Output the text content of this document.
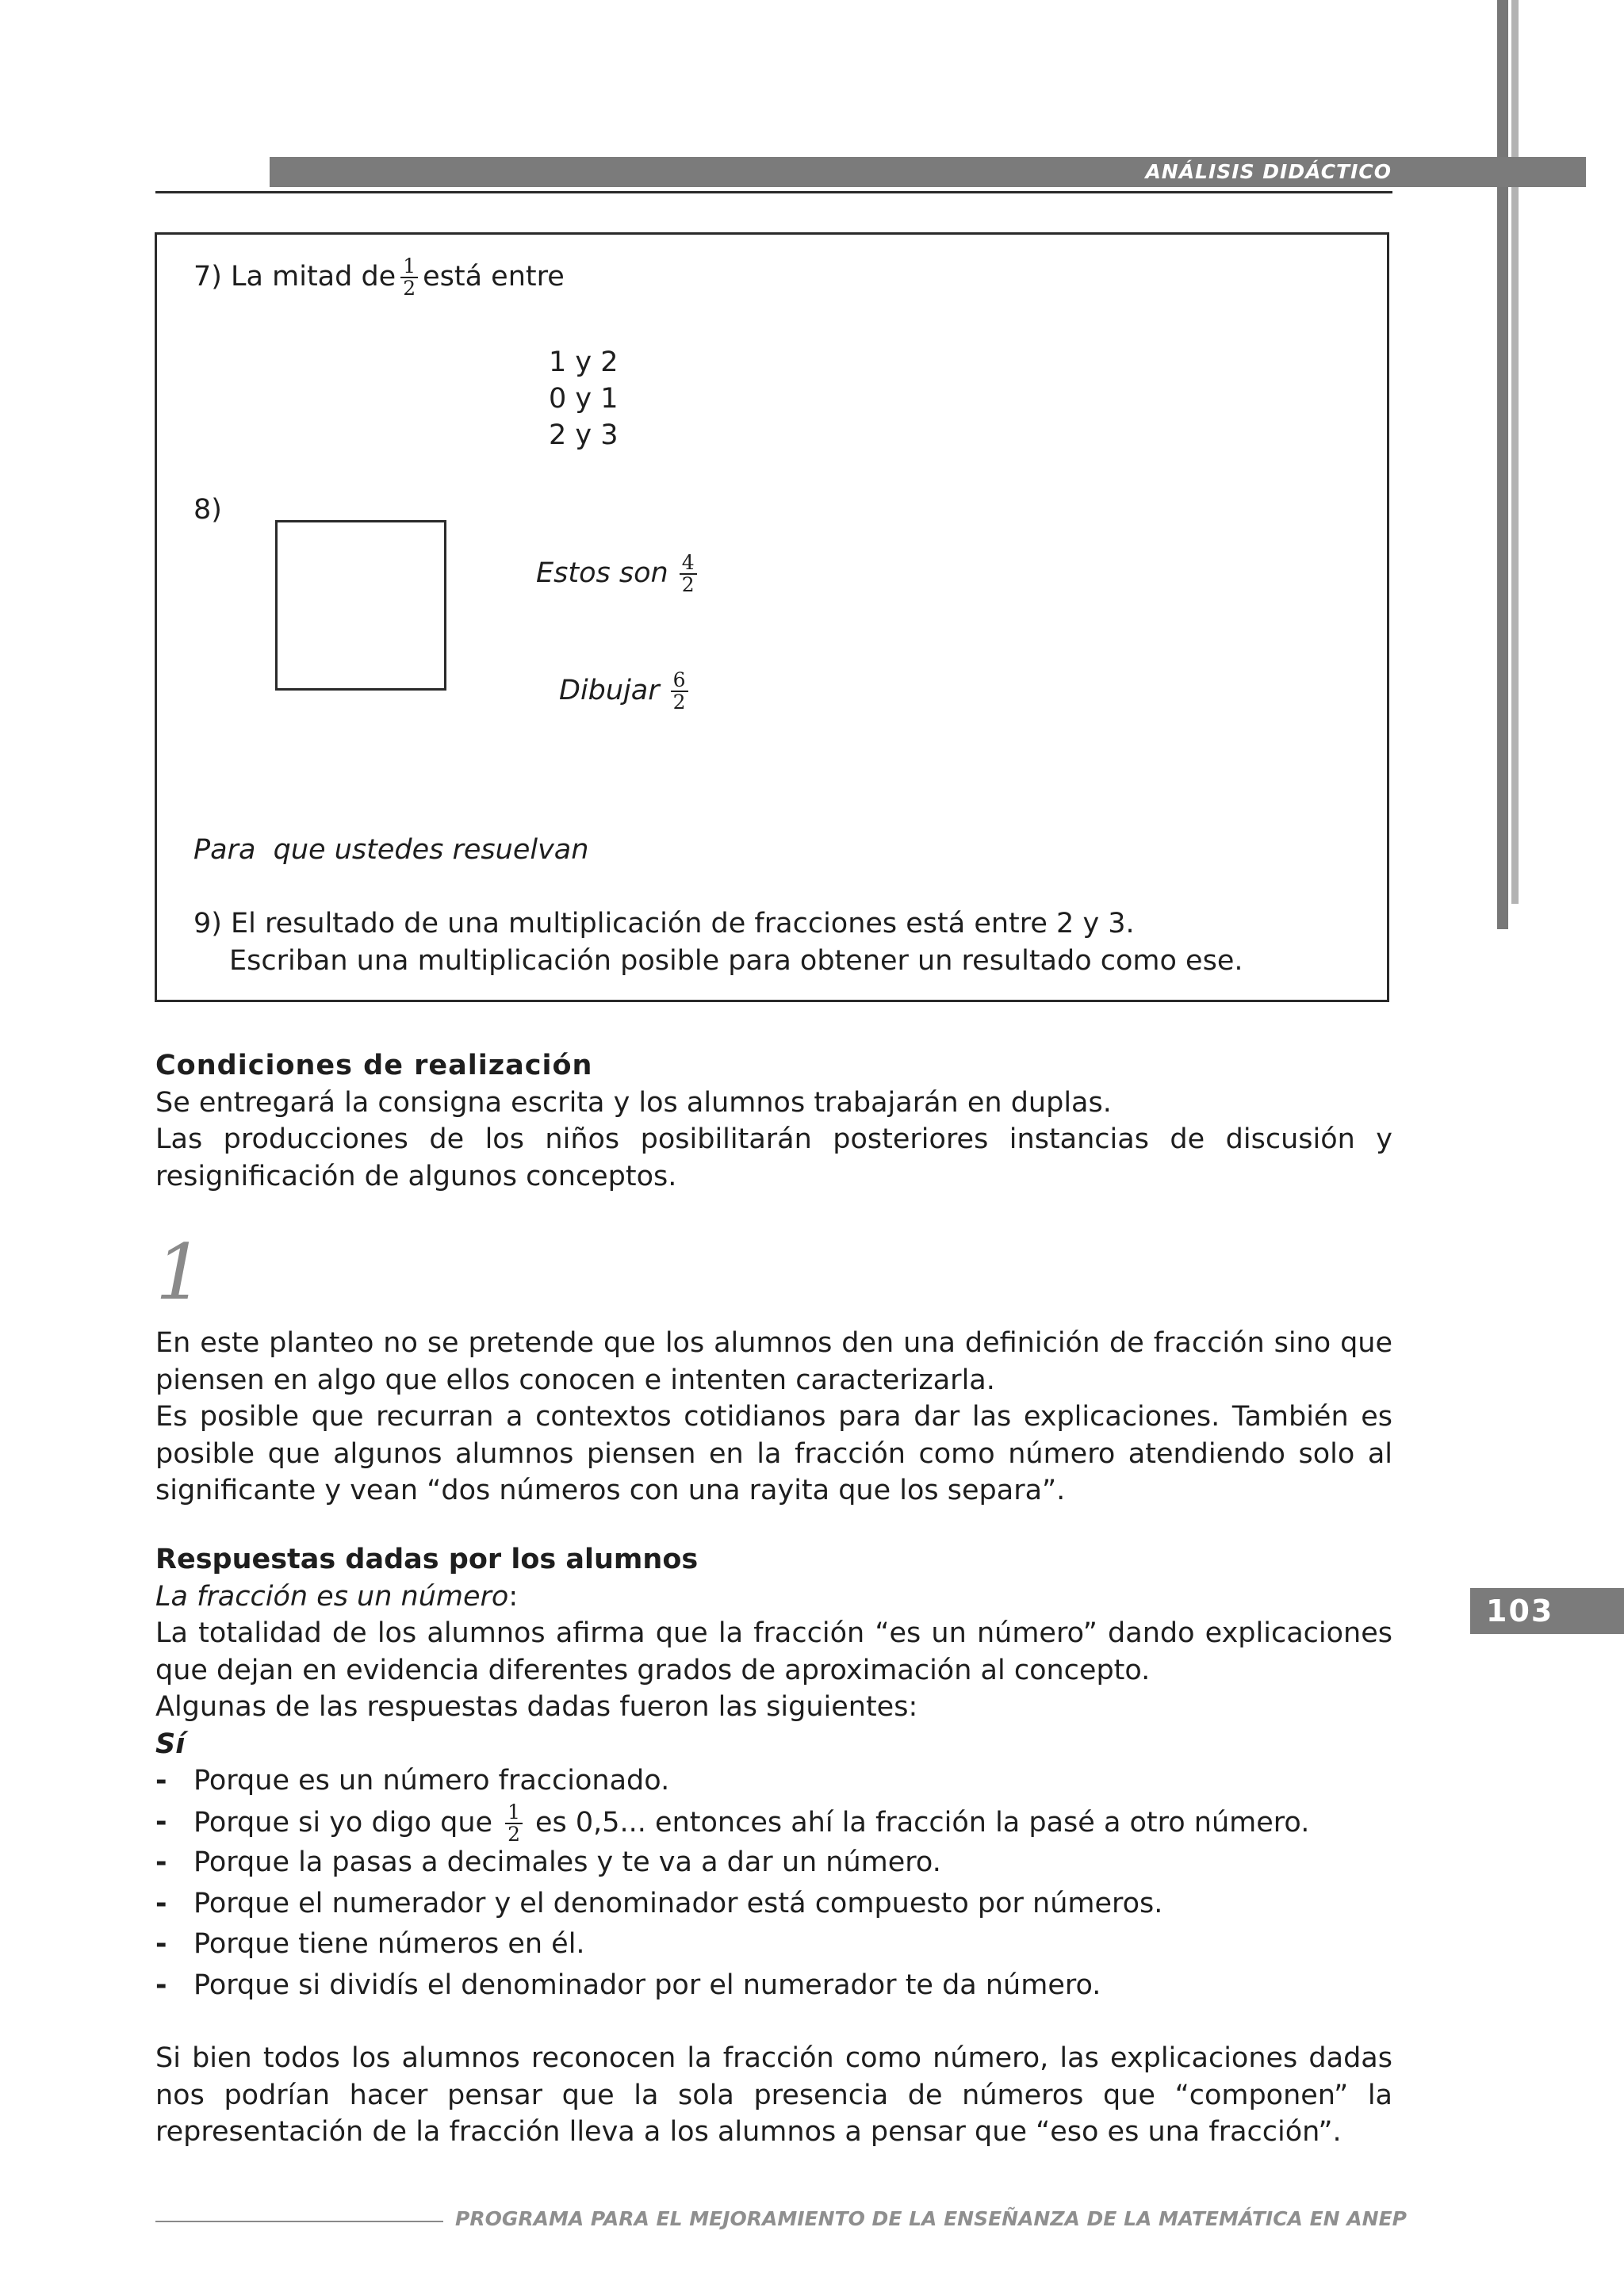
ANÁLISIS DIDÁCTICO
7) La mitad de $\frac{1}{2}$ está entre
1 y 2
0 y 1
2 y 3
8)
Estos son $\frac{4}{2}$
Dibujar $\frac{6}{2}$
Para  que ustedes resuelvan
9) El resultado de una multiplicación de fracciones está entre 2 y 3.
Escriban una multiplicación posible para obtener un resultado como ese.
Condiciones de realización
Se entregará la consigna escrita y los alumnos trabajarán en duplas.
Las producciones de los niños posibilitarán posteriores instancias de discusión y resignificación de algunos conceptos.
1
En este planteo no se pretende que los alumnos den una definición de fracción sino que piensen en algo que ellos conocen e intenten caracterizarla.
Es posible que recurran a contextos cotidianos para dar las explicaciones. También es posible que algunos alumnos piensen en la fracción como número atendiendo solo al significante y vean “dos números con una rayita que los separa”.
Respuestas dadas por los alumnos
La fracción es un número:
La totalidad de los alumnos afirma que la fracción “es un número” dando explicaciones que dejan en evidencia diferentes grados de aproximación al concepto.
Algunas de las respuestas dadas fueron las siguientes:
Sí
- Porque es un número fraccionado.
- Porque si yo digo que $\frac{1}{2}$ es 0,5... entonces ahí la fracción la pasé a otro número.
- Porque la pasas a decimales y te va a dar un número.
- Porque el numerador y el denominador está compuesto por números.
- Porque tiene números en él.
- Porque si dividís el denominador por el numerador te da número.
Si bien todos los alumnos reconocen la fracción como número, las explicaciones dadas nos podrían hacer pensar que la sola presencia de números que “componen” la representación de la fracción lleva a los alumnos a pensar que “eso es una fracción”.
103
PROGRAMA PARA EL MEJORAMIENTO DE LA ENSEÑANZA DE LA MATEMÁTICA EN ANEP
